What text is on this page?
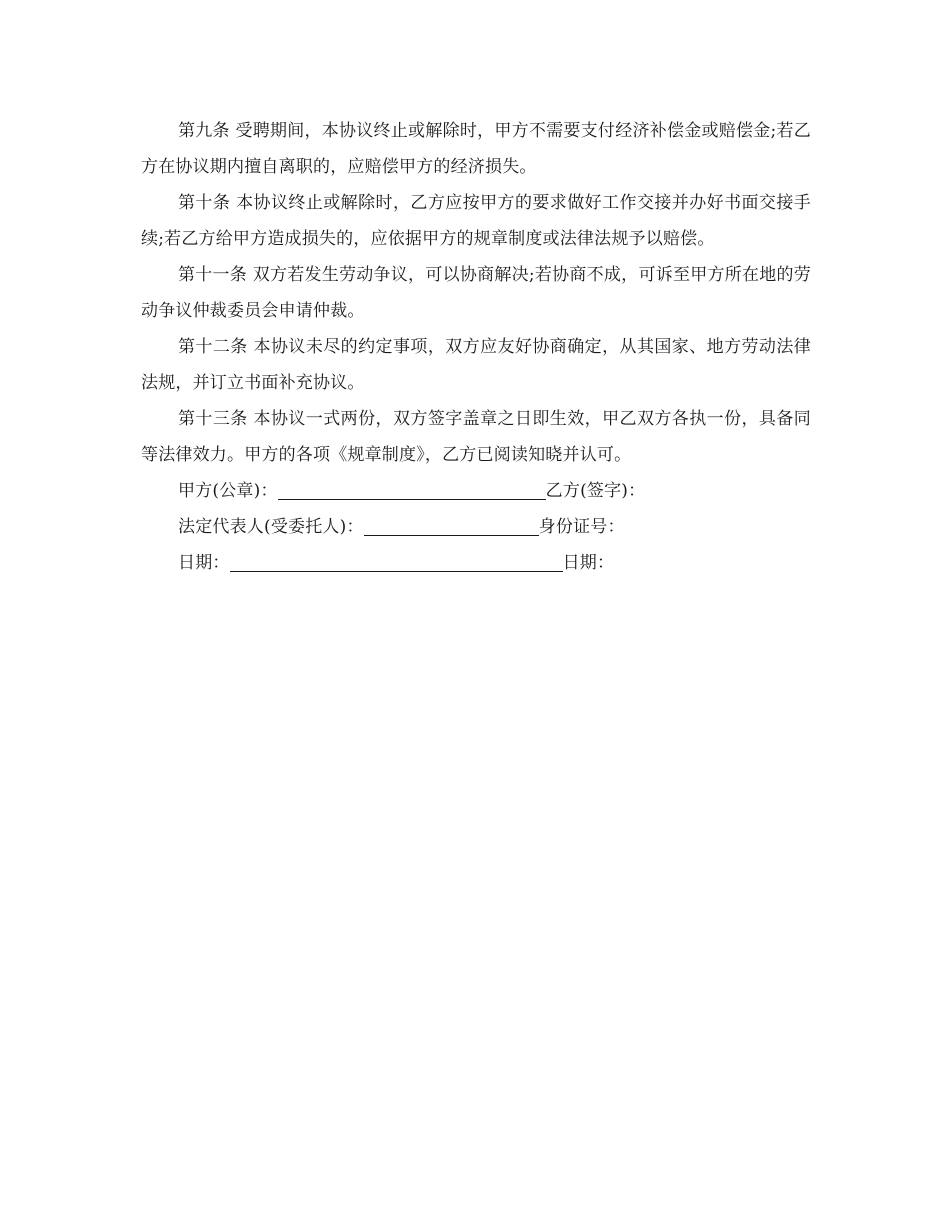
第九条 受聘期间，本协议终止或解除时，甲方不需要支付经济补偿金或赔偿金;若乙方在协议期内擅自离职的，应赔偿甲方的经济损失。

第十条 本协议终止或解除时，乙方应按甲方的要求做好工作交接并办好书面交接手续;若乙方给甲方造成损失的，应依据甲方的规章制度或法律法规予以赔偿。

第十一条 双方若发生劳动争议，可以协商解决;若协商不成，可诉至甲方所在地的劳动争议仲裁委员会申请仲裁。

第十二条 本协议未尽的约定事项，双方应友好协商确定，从其国家、地方劳动法律法规，并订立书面补充协议。

第十三条 本协议一式两份，双方签字盖章之日即生效，甲乙双方各执一份，具备同等法律效力。甲方的各项《规章制度》，乙方已阅读知晓并认可。

甲方(公章)：	乙方(签字)：

法定代表人(受委托人)：	身份证号：

日期：	日期：
